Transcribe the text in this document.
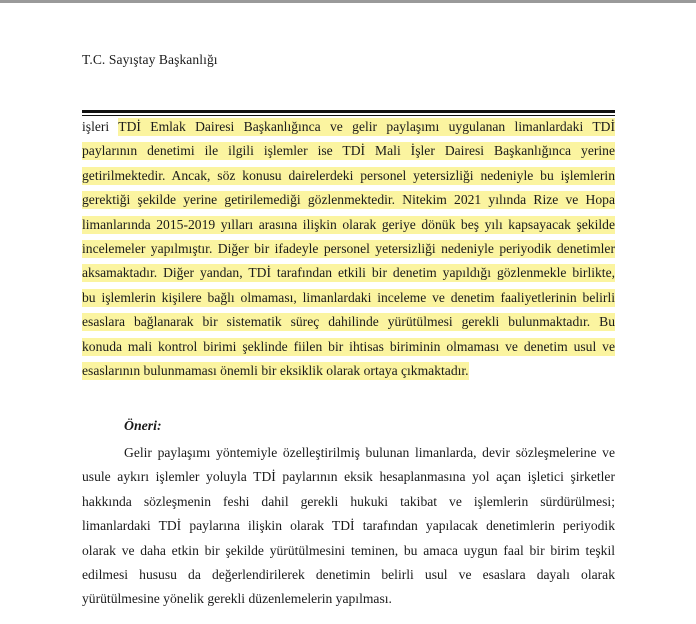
T.C. Sayıştay Başkanlığı
işleri TDİ Emlak Dairesi Başkanlığınca ve gelir paylaşımı uygulanan limanlardaki TDİ
paylarının denetimi ile ilgili işlemler ise TDİ Mali İşler Dairesi Başkanlığınca yerine
getirilmektedir. Ancak, söz konusu dairelerdeki personel yetersizliği nedeniyle bu işlemlerin
gerektiği şekilde yerine getirilemediği gözlenmektedir. Nitekim 2021 yılında Rize ve Hopa
limanlarında 2015-2019 yılları arasına ilişkin olarak geriye dönük beş yılı kapsayacak şekilde
incelemeler yapılmıştır. Diğer bir ifadeyle personel yetersizliği nedeniyle periyodik denetimler
aksamaktadır. Diğer yandan, TDİ tarafından etkili bir denetim yapıldığı gözlenmekle birlikte,
bu işlemlerin kişilere bağlı olmaması, limanlardaki inceleme ve denetim faaliyetlerinin belirli
esaslara bağlanarak bir sistematik süreç dahilinde yürütülmesi gerekli bulunmaktadır. Bu
konuda mali kontrol birimi şeklinde fiilen bir ihtisas biriminin olmaması ve denetim usul ve
esaslarının bulunmaması önemli bir eksiklik olarak ortaya çıkmaktadır.
Öneri:
Gelir paylaşımı yöntemiyle özelleştirilmiş bulunan limanlarda, devir sözleşmelerine ve
usule aykırı işlemler yoluyla TDİ paylarının eksik hesaplanmasına yol açan işletici şirketler
hakkında sözleşmenin feshi dahil gerekli hukuki takibat ve işlemlerin sürdürülmesi;
limanlardaki TDİ paylarına ilişkin olarak TDİ tarafından yapılacak denetimlerin periyodik
olarak ve daha etkin bir şekilde yürütülmesini teminen, bu amaca uygun faal bir birim teşkil
edilmesi hususu da değerlendirilerek denetimin belirli usul ve esaslara dayalı olarak
yürütülmesine yönelik gerekli düzenlemelerin yapılması.
